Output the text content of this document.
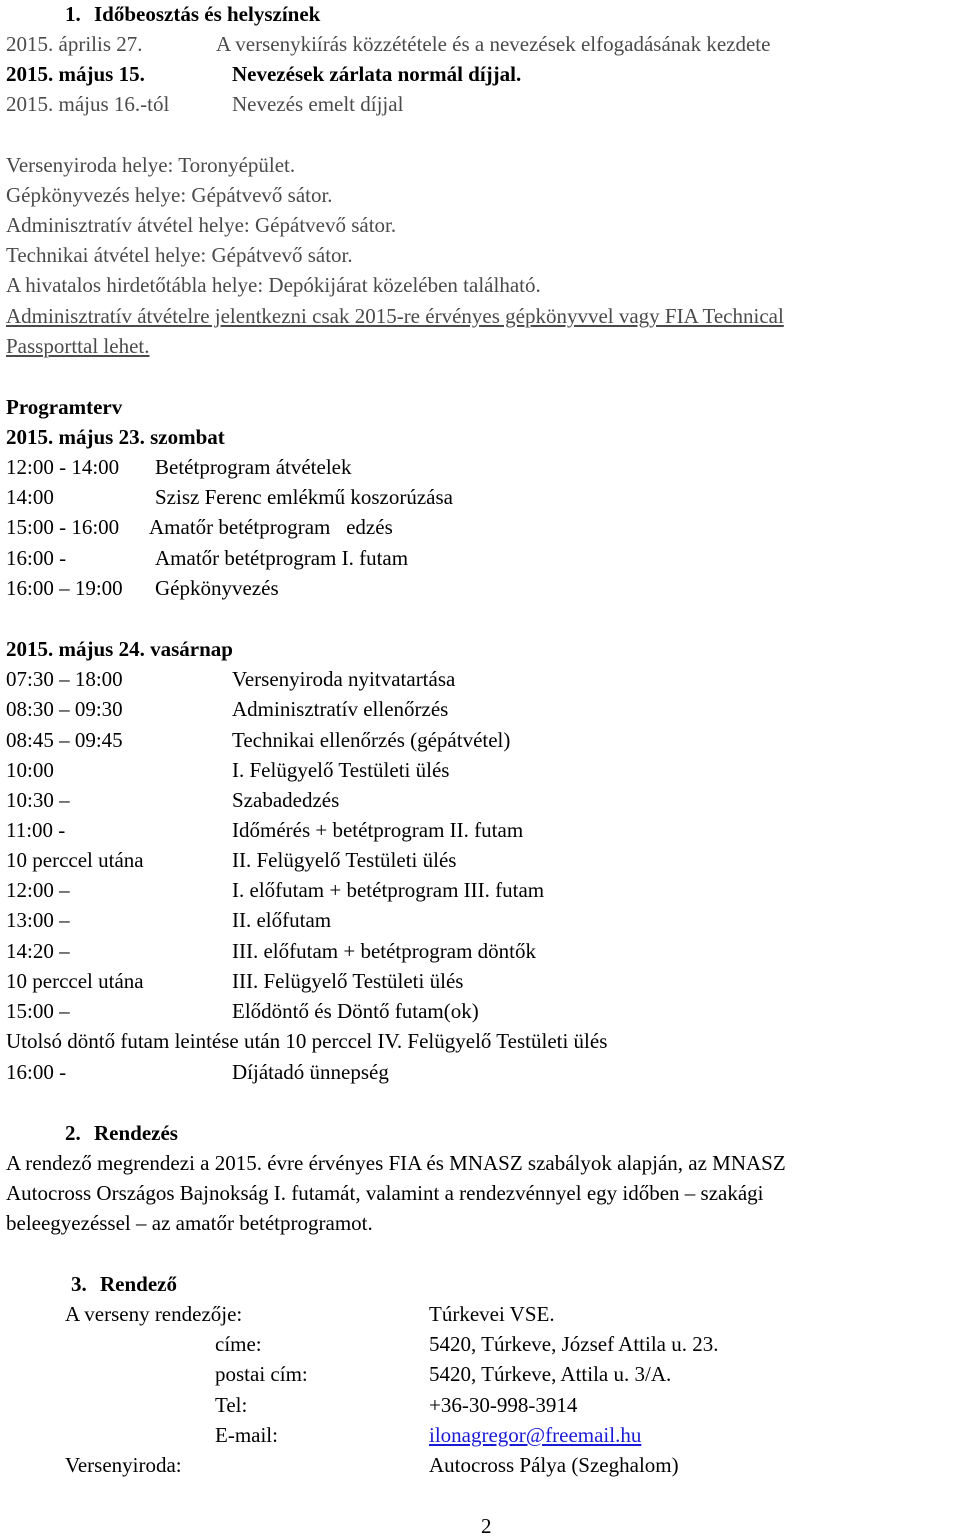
1. Időbeosztás és helyszínek
2015. április 27.	A versenykiírás közzététele és a nevezések elfogadásának kezdete
2015. május 15.	Nevezések zárlata normál díjjal.
2015. május 16.-tól	Nevezés emelt díjjal
Versenyiroda helye: Toronyépület.
Gépkönyvezés helye: Gépátvevő sátor.
Adminisztratív átvétel helye: Gépátvevő sátor.
Technikai átvétel helye: Gépátvevő sátor.
A hivatalos hirdetőtábla helye: Depókijárat közelében található.
Adminisztratív átvételre jelentkezni csak 2015-re érvényes gépkönyvvel vagy FIA Technical
Passporttal lehet.
Programterv
2015. május 23. szombat
12:00 - 14:00 Betétprogram átvételek
14:00	Szisz Ferenc emlékmű koszorúzása
15:00 - 16:00 Amatőr betétprogram   edzés
16:00 -	Amatőr betétprogram I. futam
16:00 – 19:00 Gépkönyvezés
2015. május 24. vasárnap
07:30 – 18:00	Versenyiroda nyitvatartása
08:30 – 09:30	Adminisztratív ellenőrzés
08:45 – 09:45	Technikai ellenőrzés (gépátvétel)
10:00	I. Felügyelő Testületi ülés
10:30 –	Szabadedzés
11:00 -	Időmérés + betétprogram II. futam
10 perccel utána	II. Felügyelő Testületi ülés
12:00 –	I. előfutam + betétprogram III. futam
13:00 –	II. előfutam
14:20 –	III. előfutam + betétprogram döntők
10 perccel utána	III. Felügyelő Testületi ülés
15:00 –	Elődöntő és Döntő futam(ok)
Utolsó döntő futam leintése után 10 perccel IV. Felügyelő Testületi ülés
16:00 -	Díjátadó ünnepség
2. Rendezés
A rendező megrendezi a 2015. évre érvényes FIA és MNASZ szabályok alapján, az MNASZ
Autocross Országos Bajnokság I. futamát, valamint a rendezvénnyel egy időben – szakági
beleegyezéssel – az amatőr betétprogramot.
3. Rendező
A verseny rendezője:	Túrkevei VSE.
címe:	5420, Túrkeve, József Attila u. 23.
postai cím:	5420, Túrkeve, Attila u. 3/A.
Tel:	+36-30-998-3914
E-mail:	ilonagregor@freemail.hu
Versenyiroda:	Autocross Pálya (Szeghalom)
2
